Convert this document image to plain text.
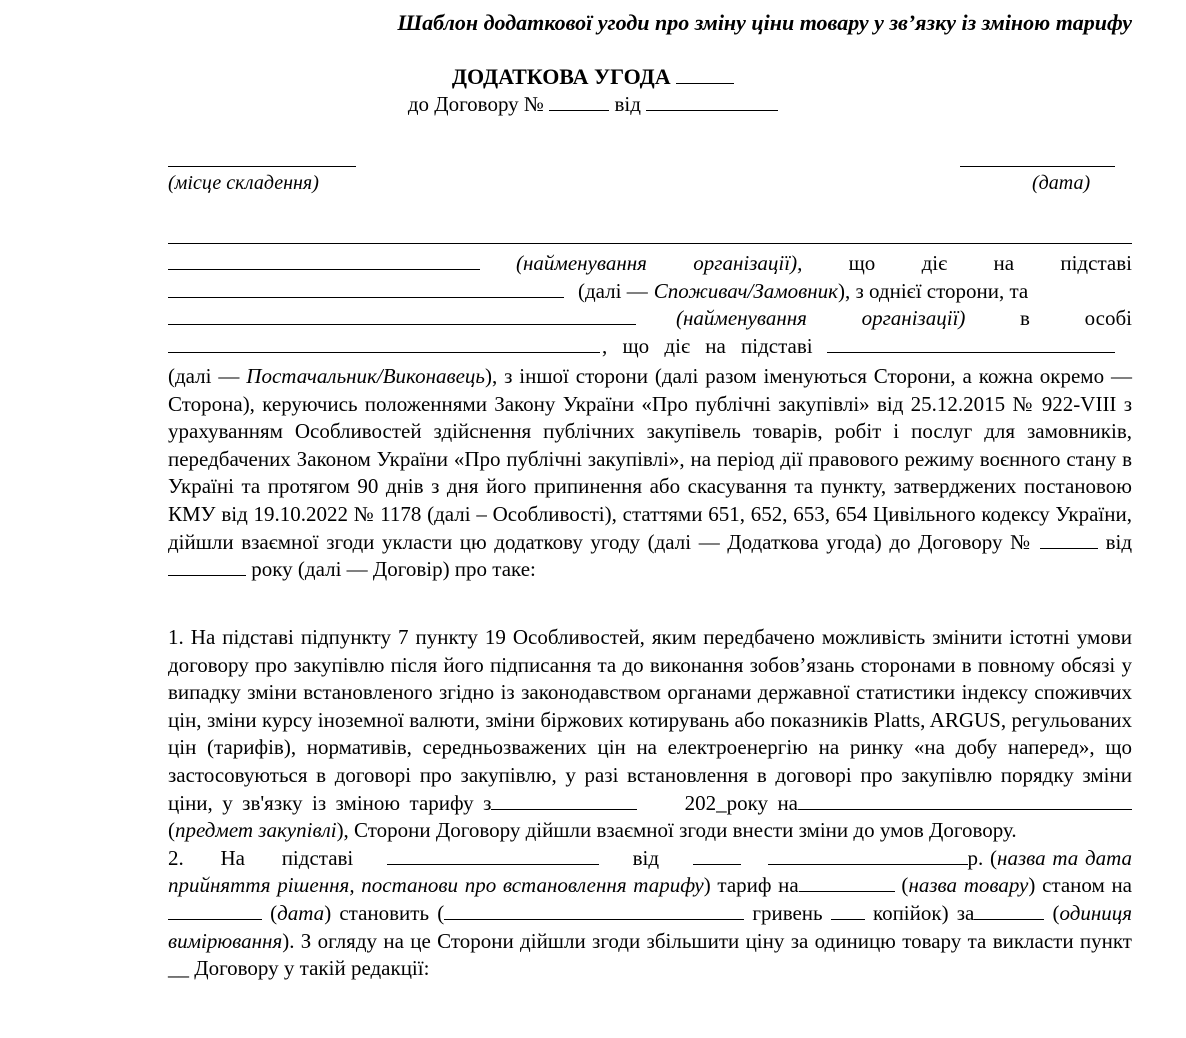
Шаблон додаткової угоди про зміну ціни товару у зв’язку із зміною тарифу
ДОДАТКОВА УГОДА
до Договору №	від
(місце складення)	(дата)
(найменування організації), що діє на підставі
(далі — Споживач/Замовник ), з однієї сторони, та
(найменування	організації)	в	особі
, що діє на підставі

(далі — Постачальник/Виконавець), з іншої сторони (далі разом іменуються Сторони, а кожна окремо — Сторона), керуючись положеннями Закону України «Про публічні закупівлі» від 25.12.2015 № 922-VIII з урахуванням Особливостей здійснення публічних закупівель товарів, робіт і послуг для замовників, передбачених Законом України «Про публічні закупівлі», на період дії правового режиму воєнного стану в Україні та протягом 90 днів з дня його припинення або скасування та пункту, затверджених постановою КМУ від 19.10.2022 № 1178 (далі – Особливості), статтями 651, 652, 653, 654 Цивільного кодексу України, дійшли взаємної згоди укласти цю додаткову угоду (далі — Додаткова угода) до Договору №	від  року (далі — Договір) про таке:

1. На підставі підпункту 7 пункту 19 Особливостей, яким передбачено можливість змінити істотні умови договору про закупівлю після його підписання та до виконання зобов’язань сторонами в повному обсязі у випадку зміни встановленого згідно із законодавством органами державної статистики індексу споживчих цін, зміни курсу іноземної валюти, зміни біржових котирувань або показників Platts, ARGUS, регульованих цін (тарифів), нормативів, середньозважених цін на електроенергію на ринку «на добу наперед», що застосовуються в договорі про закупівлю, у разі встановлення в договорі про закупівлю порядку зміни ціни, у зв'язку із зміною тарифу з	202_року на (предмет закупівлі), Сторони Договору дійшли взаємної згоди внести зміни до умов Договору.

2. На підставі	від	р. (назва та дата прийняття рішення, постанови про встановлення тарифу) тариф на	(назва товару) станом на  (дата) становить (	гривень копійок) за	(одиниця вимірювання). З огляду на це Сторони дійшли згоди збільшити ціну за одиницю товару та викласти пункт __ Договору у такій редакції:
